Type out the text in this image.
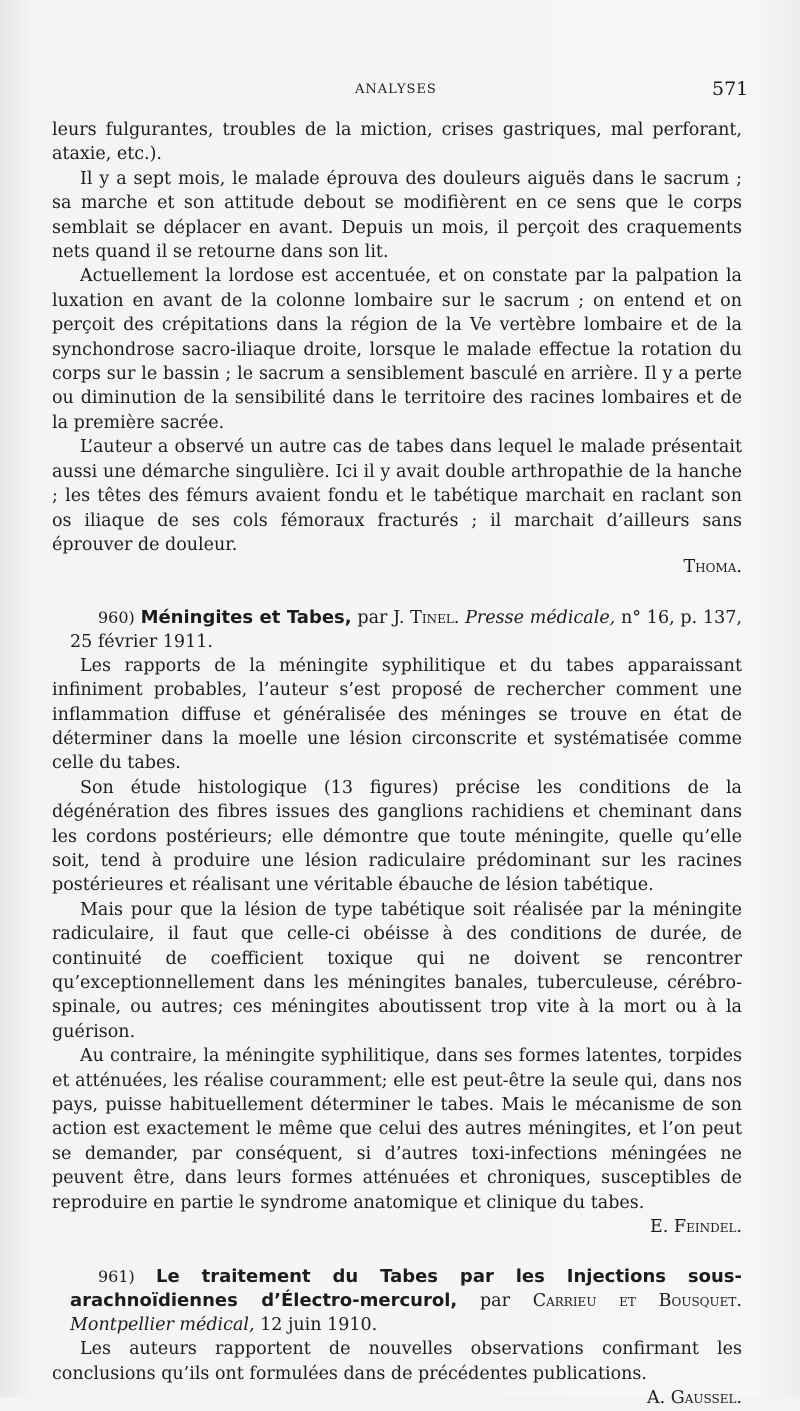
ANALYSES	571

leurs fulgurantes, troubles de la miction, crises gastriques, mal perforant, ataxie, etc.).

Il y a sept mois, le malade éprouva des douleurs aiguës dans le sacrum ; sa marche et son attitude debout se modifièrent en ce sens que le corps semblait se déplacer en avant. Depuis un mois, il perçoit des craquements nets quand il se retourne dans son lit.

Actuellement la lordose est accentuée, et on constate par la palpation la luxation en avant de la colonne lombaire sur le sacrum ; on entend et on perçoit des crépitations dans la région de la Ve vertèbre lombaire et de la synchondrose sacro-iliaque droite, lorsque le malade effectue la rotation du corps sur le bassin ; le sacrum a sensiblement basculé en arrière. Il y a perte ou diminution de la sensibilité dans le territoire des racines lombaires et de la première sacrée.

L’auteur a observé un autre cas de tabes dans lequel le malade présentait aussi une démarche singulière. Ici il y avait double arthropathie de la hanche ; les têtes des fémurs avaient fondu et le tabétique marchait en raclant son os iliaque de ses cols fémoraux fracturés ; il marchait d’ailleurs sans éprouver de douleur.

Thoma.

960) Méningites et Tabes, par J. Tinel. Presse médicale, n° 16, p. 137, 25 février 1911.

Les rapports de la méningite syphilitique et du tabes apparaissant infiniment probables, l’auteur s’est proposé de rechercher comment une inflammation diffuse et généralisée des méninges se trouve en état de déterminer dans la moelle une lésion circonscrite et systématisée comme celle du tabes.

Son étude histologique (13 figures) précise les conditions de la dégénération des fibres issues des ganglions rachidiens et cheminant dans les cordons postérieurs; elle démontre que toute méningite, quelle qu’elle soit, tend à produire une lésion radiculaire prédominant sur les racines postérieures et réalisant une véritable ébauche de lésion tabétique.

Mais pour que la lésion de type tabétique soit réalisée par la méningite radiculaire, il faut que celle-ci obéisse à des conditions de durée, de continuité de coefficient toxique qui ne doivent se rencontrer qu’exceptionnellement dans les méningites banales, tuberculeuse, cérébro-spinale, ou autres; ces méningites aboutissent trop vite à la mort ou à la guérison.

Au contraire, la méningite syphilitique, dans ses formes latentes, torpides et atténuées, les réalise couramment; elle est peut-être la seule qui, dans nos pays, puisse habituellement déterminer le tabes. Mais le mécanisme de son action est exactement le même que celui des autres méningites, et l’on peut se demander, par conséquent, si d’autres toxi-infections méningées ne peuvent être, dans leurs formes atténuées et chroniques, susceptibles de reproduire en partie le syndrome anatomique et clinique du tabes.

E. Feindel.

961) Le traitement du Tabes par les Injections sous-arachnoïdiennes d’Électro-mercurol, par Carrieu et Bousquet. Montpellier médical, 12 juin 1910.

Les auteurs rapportent de nouvelles observations confirmant les conclusions qu’ils ont formulées dans de précédentes publications.

A. Gaussel.
